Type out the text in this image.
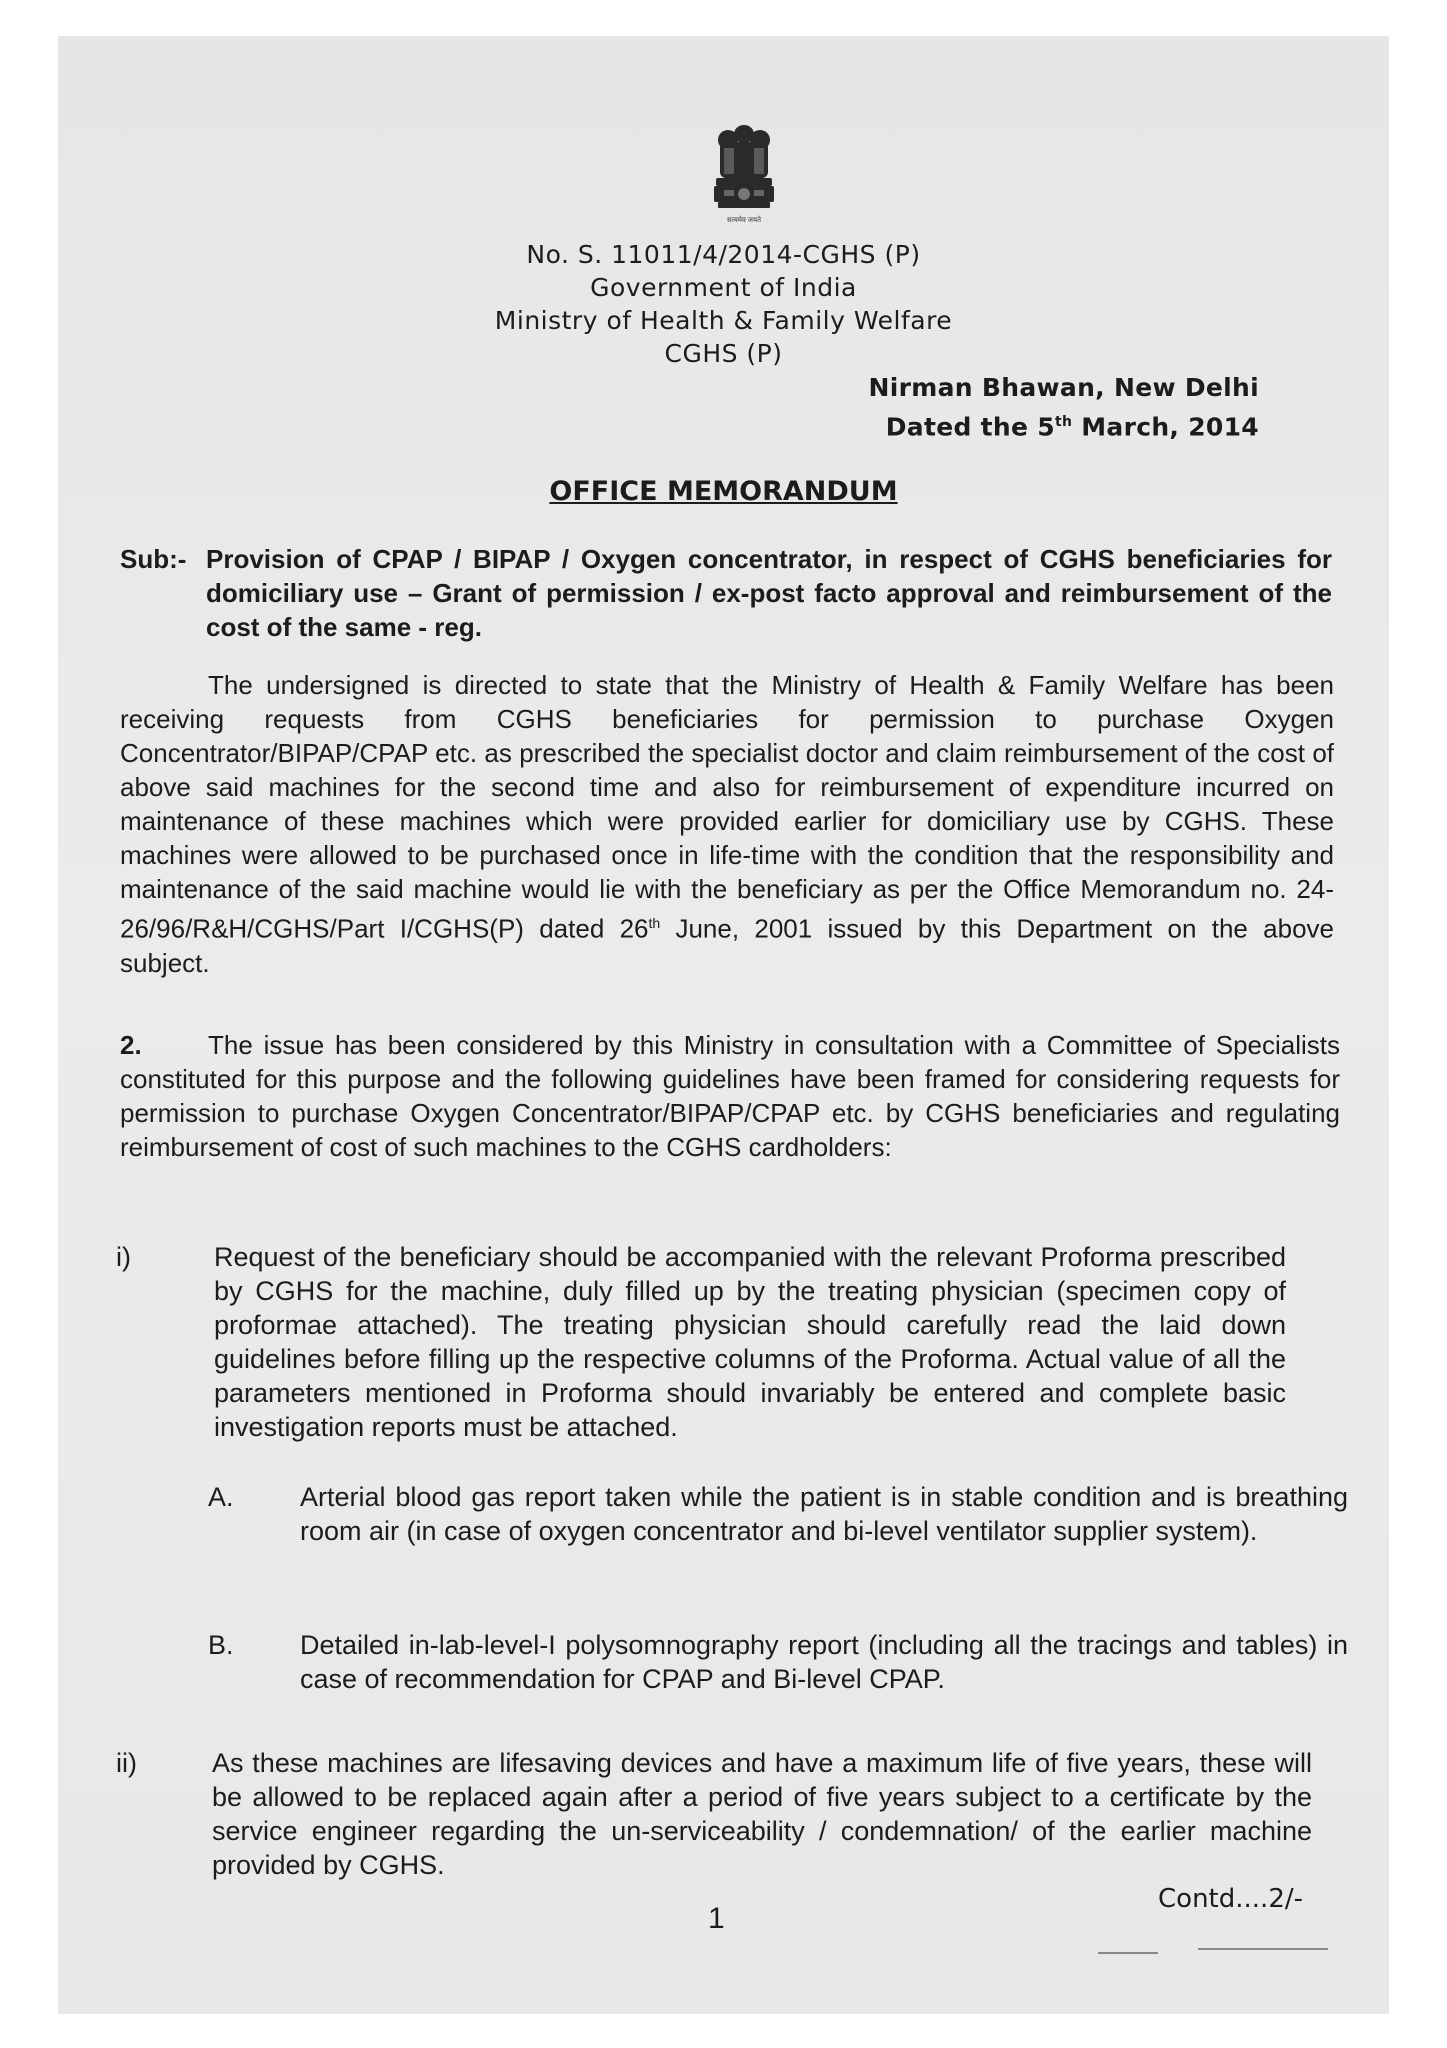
सत्यमेव जयते
No. S. 11011/4/2014-CGHS (P)
Government of India
Ministry of Health & Family Welfare
CGHS (P)
Nirman Bhawan, New Delhi
Dated the 5th March, 2014
OFFICE MEMORANDUM
Sub:- Provision of CPAP / BIPAP / Oxygen concentrator, in respect of CGHS beneficiaries for domiciliary use – Grant of permission / ex-post facto approval and reimbursement of the cost of the same - reg.
The undersigned is directed to state that the Ministry of Health & Family Welfare has been receiving requests from CGHS beneficiaries for permission to purchase Oxygen Concentrator/BIPAP/CPAP etc. as prescribed the specialist doctor and claim reimbursement of the cost of above said machines for the second time and also for reimbursement of expenditure incurred on maintenance of these machines which were provided earlier for domiciliary use by CGHS. These machines were allowed to be purchased once in life-time with the condition that the responsibility and maintenance of the said machine would lie with the beneficiary as per the Office Memorandum no. 24-26/96/R&H/CGHS/Part I/CGHS(P) dated 26th June, 2001 issued by this Department on the above subject.
2.	The issue has been considered by this Ministry in consultation with a Committee of Specialists constituted for this purpose and the following guidelines have been framed for considering requests for permission to purchase Oxygen Concentrator/BIPAP/CPAP etc. by CGHS beneficiaries and regulating reimbursement of cost of such machines to the CGHS cardholders:
i)	Request of the beneficiary should be accompanied with the relevant Proforma prescribed by CGHS for the machine, duly filled up by the treating physician (specimen copy of proformae attached). The treating physician should carefully read the laid down guidelines before filling up the respective columns of the Proforma. Actual value of all the parameters mentioned in Proforma should invariably be entered and complete basic investigation reports must be attached.
A. Arterial blood gas report taken while the patient is in stable condition and is breathing room air (in case of oxygen concentrator and bi-level ventilator supplier system).
B. Detailed in-lab-level-I polysomnography report (including all the tracings and tables) in case of recommendation for CPAP and Bi-level CPAP.
ii)	As these machines are lifesaving devices and have a maximum life of five years, these will be allowed to be replaced again after a period of five years subject to a certificate by the service engineer regarding the un-serviceability / condemnation/ of the earlier machine provided by CGHS.
Contd....2/-
1
